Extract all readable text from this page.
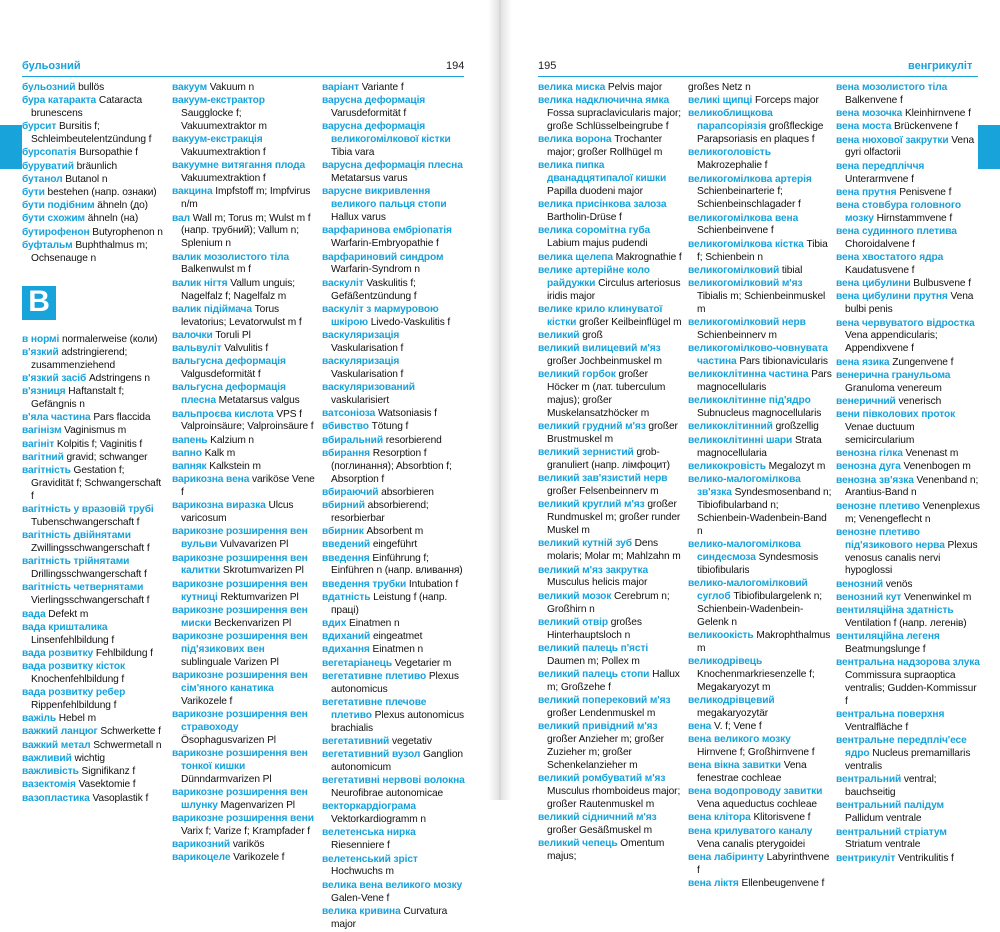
бульозний	194
В
бульозний bullös
бура катаракта Cataracta brunescens
бурсит Bursitis f; Schleimbeutelentzündung f
бурсопатія Bursopathie f
буруватий bräunlich
бутанол Butanol n
бути bestehen (напр. ознаки)
бути подібним ähneln (до)
бути схожим ähneln (на)
бутирофенон Butyrophenon n
буфтальм Buphthalmus m; Ochsenauge n
В
в нормі normalerweise (коли)
в'язкий adstringierend; zusammenziehend
в'язкий засіб Adstringens n
в'язниця Haftanstalt f; Gefängnis n
в'яла частина Pars flaccida
вагінізм Vaginismus m
вагініт Kolpitis f; Vaginitis f
вагітний gravid; schwanger
вагітність Gestation f; Gravidität f; Schwangerschaft f
вагітність у врaзовій трубі Tubenschwangerschaft f
вагітність двійнятами Zwillingsschwangerschaft f
вагітність трійнятами Drillingsschwangerschaft f
вагітність четвернятами Vierlingsschwangerschaft f
вада Defekt m
вада кришталика Linsenfehlbildung f
вада розвитку Fehlbildung f
вада розвитку кісток Knochenfehlbildung f
вада розвитку ребер Rippenfehlbildung f
важіль Hebel m
важкий ланцюг Schwerkette f
важкий метал Schwermetall n
важливий wichtig
важливість Signifikanz f
вазектомія Vasektomie f
вазопластика Vasoplastik f
вакуум Vakuum n
вакуум-екстрактор Saugglocke f; Vakuumextraktor m
вакуум-екстракція Vakuumextraktion f
вакуумне витягання плода Vakuumextraktion f
вакцина Impfstoff m; Impfvirus n/m
вал Wall m; Torus m; Wulst m f (напр. трубний); Vallum n; Splenium n
валик мозолистого тіла Balkenwulst m f
валик нігтя Vallum unguis; Nagelfalz f; Nagelfalz m
валик підіймача Torus levatorius; Levatorwulst m f
валочки Toruli Pl
вальвуліт Valvulitis f
вальгусна деформація Valgusdeformität f
вальгусна деформація плесна Metatarsus valgus
вальпроєва кислота VPS f Valproinsäure; Valproinsäure f
вапень Kalzium n
вапно Kalk m
вапняк Kalkstein m
варикозна вена varikösе Vene f
варикозна виразка Ulcus varicosum
варикозне розширення вен вульви Vulvavarizen Pl
варикозне розширення вен калитки Skrotumvarizen Pl
варикозне розширення вен кутниці Rektumvarizen Pl
варикозне розширення вен миски Beckenvarizen Pl
варикозне розширення вен під'язикових вен sublinguale Varizen Pl
варикозне розширення вен сім'яного канатика Varikozele f
варикозне розширення вен стравоходу Ösophagusvarizen Pl
варикозне розширення вен тонкої кишки Dünndarmvarizen Pl
варикозне розширення вен шлунку Magenvarizen Pl
варикозне розширення вени Varix f; Varize f; Krampfader f
варикозний varikös
варикоцеле Varikozele f
варіант Variante f
варусна деформація Varusdeformität f
варусна деформація великогомілкової кістки Tibia vara
варусна деформація плесна Metatarsus varus
варусне викривлення великого пальця стопи Hallux varus
варфаринова ембріопатія Warfarin-Embryopathie f
варфариновий синдром Warfarin-Syndrom n
васкуліт Vaskulitis f; Gefäßentzündung f
васкуліт з мармуровою шкірою Livedo-Vaskulitis f
васкуляризація Vaskularisation f
васкуляризація Vaskularisation f
васкуляризований vaskularisiert
ватсоніоза Watsoniasis f
вбивство Tötung f
вбиральний resorbierend
вбирання Resorption f (поглинання); Absorbtion f; Absorption f
вбираючий absorbieren
вбирний absorbierend; resorbierbar
вбирник Absorbent m
введений eingeführt
введення Einführung f; Einführen n (напр. вливання)
введення трубки Intubation f
вдатність Leistung f (напр. праці)
вдих Einatmen n
вдиханий eingeatmet
вдихання Einatmen n
вегетаріанець Vegetarier m
вегетативне плетиво Plexus autonomicus
вегетативне плечове плетиво Plexus autonomicus brachialis
вегетативний vegetativ
вегетативний вузол Ganglion autonomicum
вегетативні нервові волокна Neurofibrae autonomicae
векторкардіограма Vektorkardiogramm n
велетенська нирка Riesenniere f
велетенський зріст Hochwuchs m
велика вена великого мозку Galen-Vene f
велика кривина Curvatura major
195	венгрикуліт
В
велика миска Pelvis major
велика надключична ямка Fossa supraclavicularis major; große Schlüsselbeingrube f
велика ворона Trochanter major; großer Rollhügel m
велика пипка дванадцятипалої кишки Papilla duodeni major
велика присінкова залоза Bartholin-Drüse f
велика соромітна губа Labium majus pudendi
велика щелепа Makrognathie f
велике артерійне коло райдужки Circulus arteriosus iridis major
велике крило клинуватої кістки großer Keilbeinflügel m
великий groß
великий вилицевий м'яз großer Jochbeinmuskel m
великий горбок großer Höcker m (лат. tuberculum majus); großer Muskelansatzhöcker m
великий грудний м'яз großer Brustmuskel m
великий зернистий grob-granuliert (напр. лімфоцит)
великий зав'язистий нерв großer Felsenbeinnerv m
великий круглий м'яз großer Rundmuskel m; großer runder Muskel m
великий кутній зуб Dens molaris; Molar m; Mahlzahn m
великий м'яз закрутка Musculus helicis major
великий мозок Cerebrum n; Großhirn n
великий отвір großes Hinterhauptsloch n
великий палець п'ясті Daumen m; Pollex m
великий палець стопи Hallux m; Großzehe f
великий поперековий м'яз großer Lendenmuskel m
великий привідний м'яз großer Anzieher m; großer Zuzieher m; großer Schenkelanzieher m
великий ромбуватий м'яз Musculus rhomboideus major; großer Rautenmuskel m
великий сідничний м'яз großer Gesäßmuskel m
великий чепець Omentum majus;
großes Netz n
великі щипці Forceps major
великоблищкова парапсорiязія großfleckige Parapsoriasis en plaques f
великоголовість Makrozephalie f
великогомілкова артерія Schienbeinarterie f; Schienbeinschlagader f
великогомілкова вена Schienbeinvene f
великогомілкова кістка Tibia f; Schienbein n
великогомілковий tibial
великогомілковий м'яз Tibialis m; Schienbeinmuskel m
великогомілковий нерв Schienbeinnerv m
великогомілково-човнувата частина Pars tibionavicularis
великоклітинна частина Pars magnocellularis
великоклітинне під'ядро Subnucleus magnocellularis
великоклітинний großzellig
великоклітинні шари Strata magnocellularia
великокровість Megalozyt m
велико-малогомілкова зв'язка Syndesmosenband n; Tibiofibularband n; Schienbein-Wadenbein-Band n
велико-малогомілкова синдесмоза Syndesmosis tibiofibularis
велико-малогомілковий суглоб Tibiofibulargelenk n; Schienbein-Wadenbein-Gelenk n
великоокість Makrophthalmus m
великодрівець Knochenmarkriesenzelle f; Megakaryozyt m
великодрівцевий megakaryozytär
вена V. f; Vene f
вена великого мозку Hirnvene f; Großhirnvene f
вена вікна завитки Vena fenestrae cochleae
вена водопроводу завитки Vena aqueductus cochleae
вена клітора Klitorisvene f
вена крилуватого каналу Vena canalis pterygoidei
вена лабіринту Labyrinthvene f
вена ліктя Ellenbeugenvene f
вена мозолистого тіла Balkenvene f
вена мозочка Kleinhirnvene f
вена моста Brückenvene f
вена нюхової закрутки Vena gyri olfactorii
вена передпліччя Unterarmvene f
вена прутня Penisvene f
вена стовбура головного мозку Hirnstammvene f
вена судинного плетива Choroidalvene f
вена хвостатого ядра Kaudatusvene f
вена цибулини Bulbusvene f
вена цибулини прутня Vena bulbi penis
вена червуватого відростка Vena appendicularis; Appendixvene f
вена язика Zungenvene f
венерична гранульома Granuloma venereum
венеричний venerisch
вени півколових проток Venae ductuum semicircularium
венозна гілка Venenast m
венозна дуга Venenbogen m
венозна зв'язка Venenband n; Arantius-Band n
венозне плетиво Venenplexus m; Venengeflecht n
венозне плетиво під'язикового нерва Plexus venosus canalis nervi hypoglossi
венозний venös
венозний кут Venenwinkel m
вентиляційна здатність Ventilation f (напр. легенів)
вентиляційна легеня Beatmungslunge f
вентральна надзорова злука Commissura supraoptica ventralis; Gudden-Kommissur f
вентральна поверхня Ventralfläche f
вентральне передпліч'есе ядро Nucleus premamillaris ventralis
вентральний ventral; bauchseitig
вентральний палідум Pallidum ventrale
вентральний стріатум Striatum ventrale
вентрикуліт Ventrikulitis f
